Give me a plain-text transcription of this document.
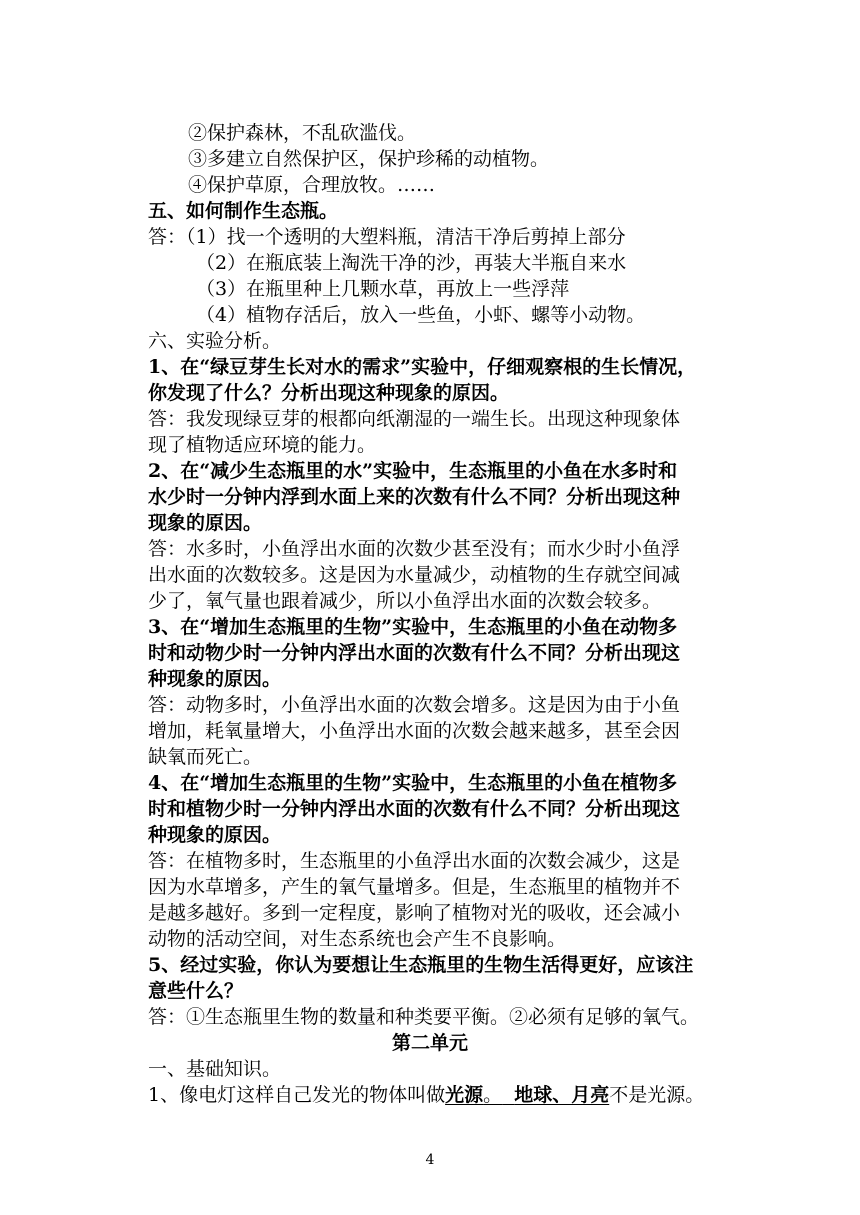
②保护森林，不乱砍滥伐。
③多建立自然保护区，保护珍稀的动植物。
④保护草原，合理放牧。……
五、如何制作生态瓶。
答：（1）找一个透明的大塑料瓶，清洁干净后剪掉上部分
（2）在瓶底装上淘洗干净的沙，再装大半瓶自来水
（3）在瓶里种上几颗水草，再放上一些浮萍
（4）植物存活后，放入一些鱼，小虾、螺等小动物。
六、实验分析。
1、在“绿豆芽生长对水的需求”实验中，仔细观察根的生长情况，
你发现了什么？分析出现这种现象的原因。
答：我发现绿豆芽的根都向纸潮湿的一端生长。出现这种现象体
现了植物适应环境的能力。
2、在“减少生态瓶里的水”实验中，生态瓶里的小鱼在水多时和
水少时一分钟内浮到水面上来的次数有什么不同？分析出现这种
现象的原因。
答：水多时，小鱼浮出水面的次数少甚至没有；而水少时小鱼浮
出水面的次数较多。这是因为水量减少，动植物的生存就空间减
少了，氧气量也跟着减少，所以小鱼浮出水面的次数会较多。
3、在“增加生态瓶里的生物”实验中，生态瓶里的小鱼在动物多
时和动物少时一分钟内浮出水面的次数有什么不同？分析出现这
种现象的原因。
答：动物多时，小鱼浮出水面的次数会增多。这是因为由于小鱼
增加，耗氧量增大，小鱼浮出水面的次数会越来越多，甚至会因
缺氧而死亡。
4、在“增加生态瓶里的生物”实验中，生态瓶里的小鱼在植物多
时和植物少时一分钟内浮出水面的次数有什么不同？分析出现这
种现象的原因。
答：在植物多时，生态瓶里的小鱼浮出水面的次数会减少，这是
因为水草增多，产生的氧气量增多。但是，生态瓶里的植物并不
是越多越好。多到一定程度，影响了植物对光的吸收，还会减小
动物的活动空间，对生态系统也会产生不良影响。
5、经过实验，你认为要想让生态瓶里的生物生活得更好，应该注
意些什么？
答：①生态瓶里生物的数量和种类要平衡。②必须有足够的氧气。
第二单元
一、基础知识。
1、像电灯这样自己发光的物体叫做光源。 地球、月亮不是光源。
4
